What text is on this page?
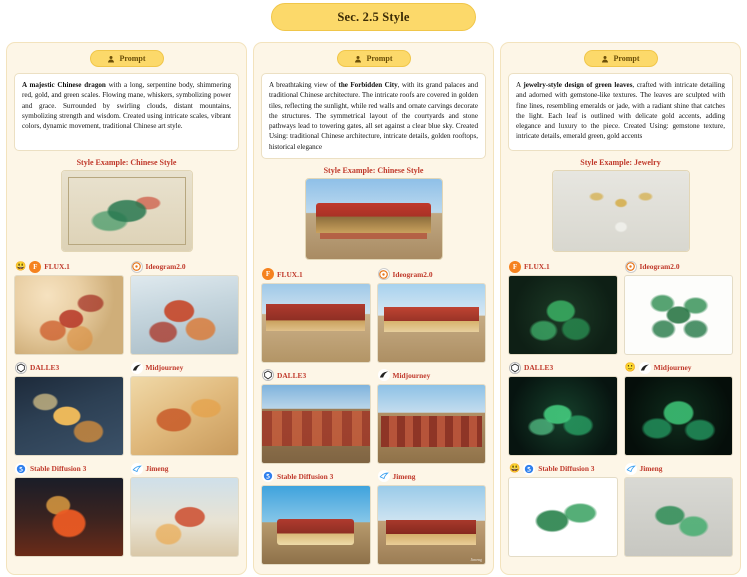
Sec. 2.5 Style
Prompt
A majestic Chinese dragon with a long, serpentine body, shimmering red, gold, and green scales. Flowing mane, whiskers, symbolizing power and grace. Surrounded by swirling clouds, distant mountains, symbolizing strength and wisdom. Created using intricate scales, vibrant colors, dynamic movement, traditional Chinese art style.
Style Example: Chinese Style
😃 F FLUX.1	Ideogram2.0
DALLE3	Midjourney
Stable Diffusion 3	Jimeng
Prompt
A breathtaking view of the Forbidden City, with its grand palaces and traditional Chinese architecture. The intricate roofs are covered in golden tiles, reflecting the sunlight, while red walls and ornate carvings decorate the structures. The symmetrical layout of the courtyards and stone pathways lead to towering gates, all set against a clear blue sky. Created Using: traditional Chinese architecture, intricate details, golden rooftops, historical elegance
Style Example: Chinese Style
F FLUX.1	Ideogram2.0
DALLE3	Midjourney
Stable Diffusion 3	Jimeng
Jimeng
Prompt
A jewelry-style design of green leaves, crafted with intricate detailing and adorned with gemstone-like textures. The leaves are sculpted with fine lines, resembling emeralds or jade, with a radiant shine that catches the light. Each leaf is outlined with delicate gold accents, adding elegance and luxury to the piece. Created Using: gemstone texture, intricate details, emerald green, gold accents
Style Example: Jewelry
F FLUX.1	Ideogram2.0
DALLE3	🙂 Midjourney
😃 Stable Diffusion 3	Jimeng
